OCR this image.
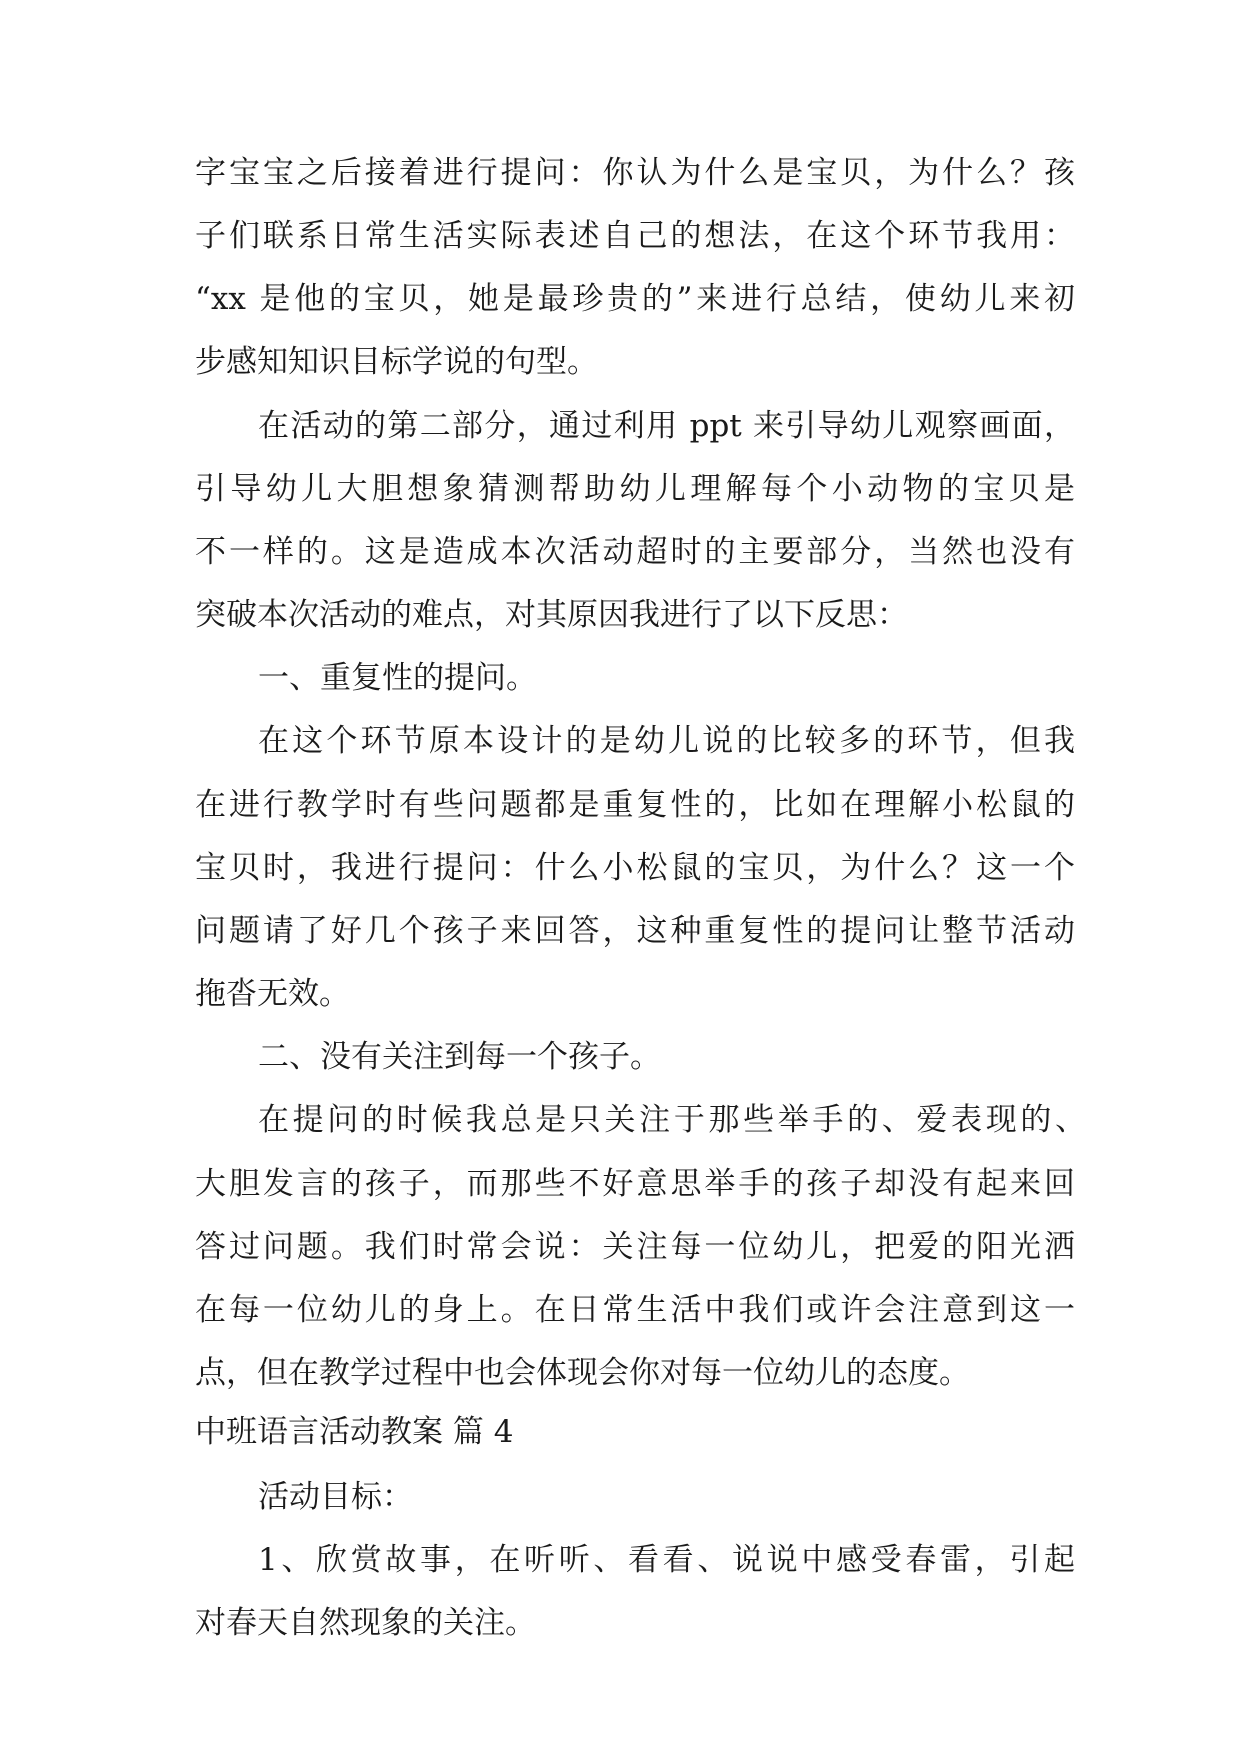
字宝宝之后接着进行提问：你认为什么是宝贝，为什么？孩
子们联系日常生活实际表述自己的想法，在这个环节我用：
“xx 是他的宝贝，她是最珍贵的”来进行总结，使幼儿来初
步感知知识目标学说的句型。
在活动的第二部分，通过利用 ppt 来引导幼儿观察画面，
引导幼儿大胆想象猜测帮助幼儿理解每个小动物的宝贝是
不一样的。这是造成本次活动超时的主要部分，当然也没有
突破本次活动的难点，对其原因我进行了以下反思：
一、重复性的提问。
在这个环节原本设计的是幼儿说的比较多的环节，但我
在进行教学时有些问题都是重复性的，比如在理解小松鼠的
宝贝时，我进行提问：什么小松鼠的宝贝，为什么？这一个
问题请了好几个孩子来回答，这种重复性的提问让整节活动
拖沓无效。
二、没有关注到每一个孩子。
在提问的时候我总是只关注于那些举手的、爱表现的、
大胆发言的孩子，而那些不好意思举手的孩子却没有起来回
答过问题。我们时常会说：关注每一位幼儿，把爱的阳光洒
在每一位幼儿的身上。在日常生活中我们或许会注意到这一
点，但在教学过程中也会体现会你对每一位幼儿的态度。
中班语言活动教案 篇 4
活动目标：
1、欣赏故事，在听听、看看、说说中感受春雷，引起
对春天自然现象的关注。
